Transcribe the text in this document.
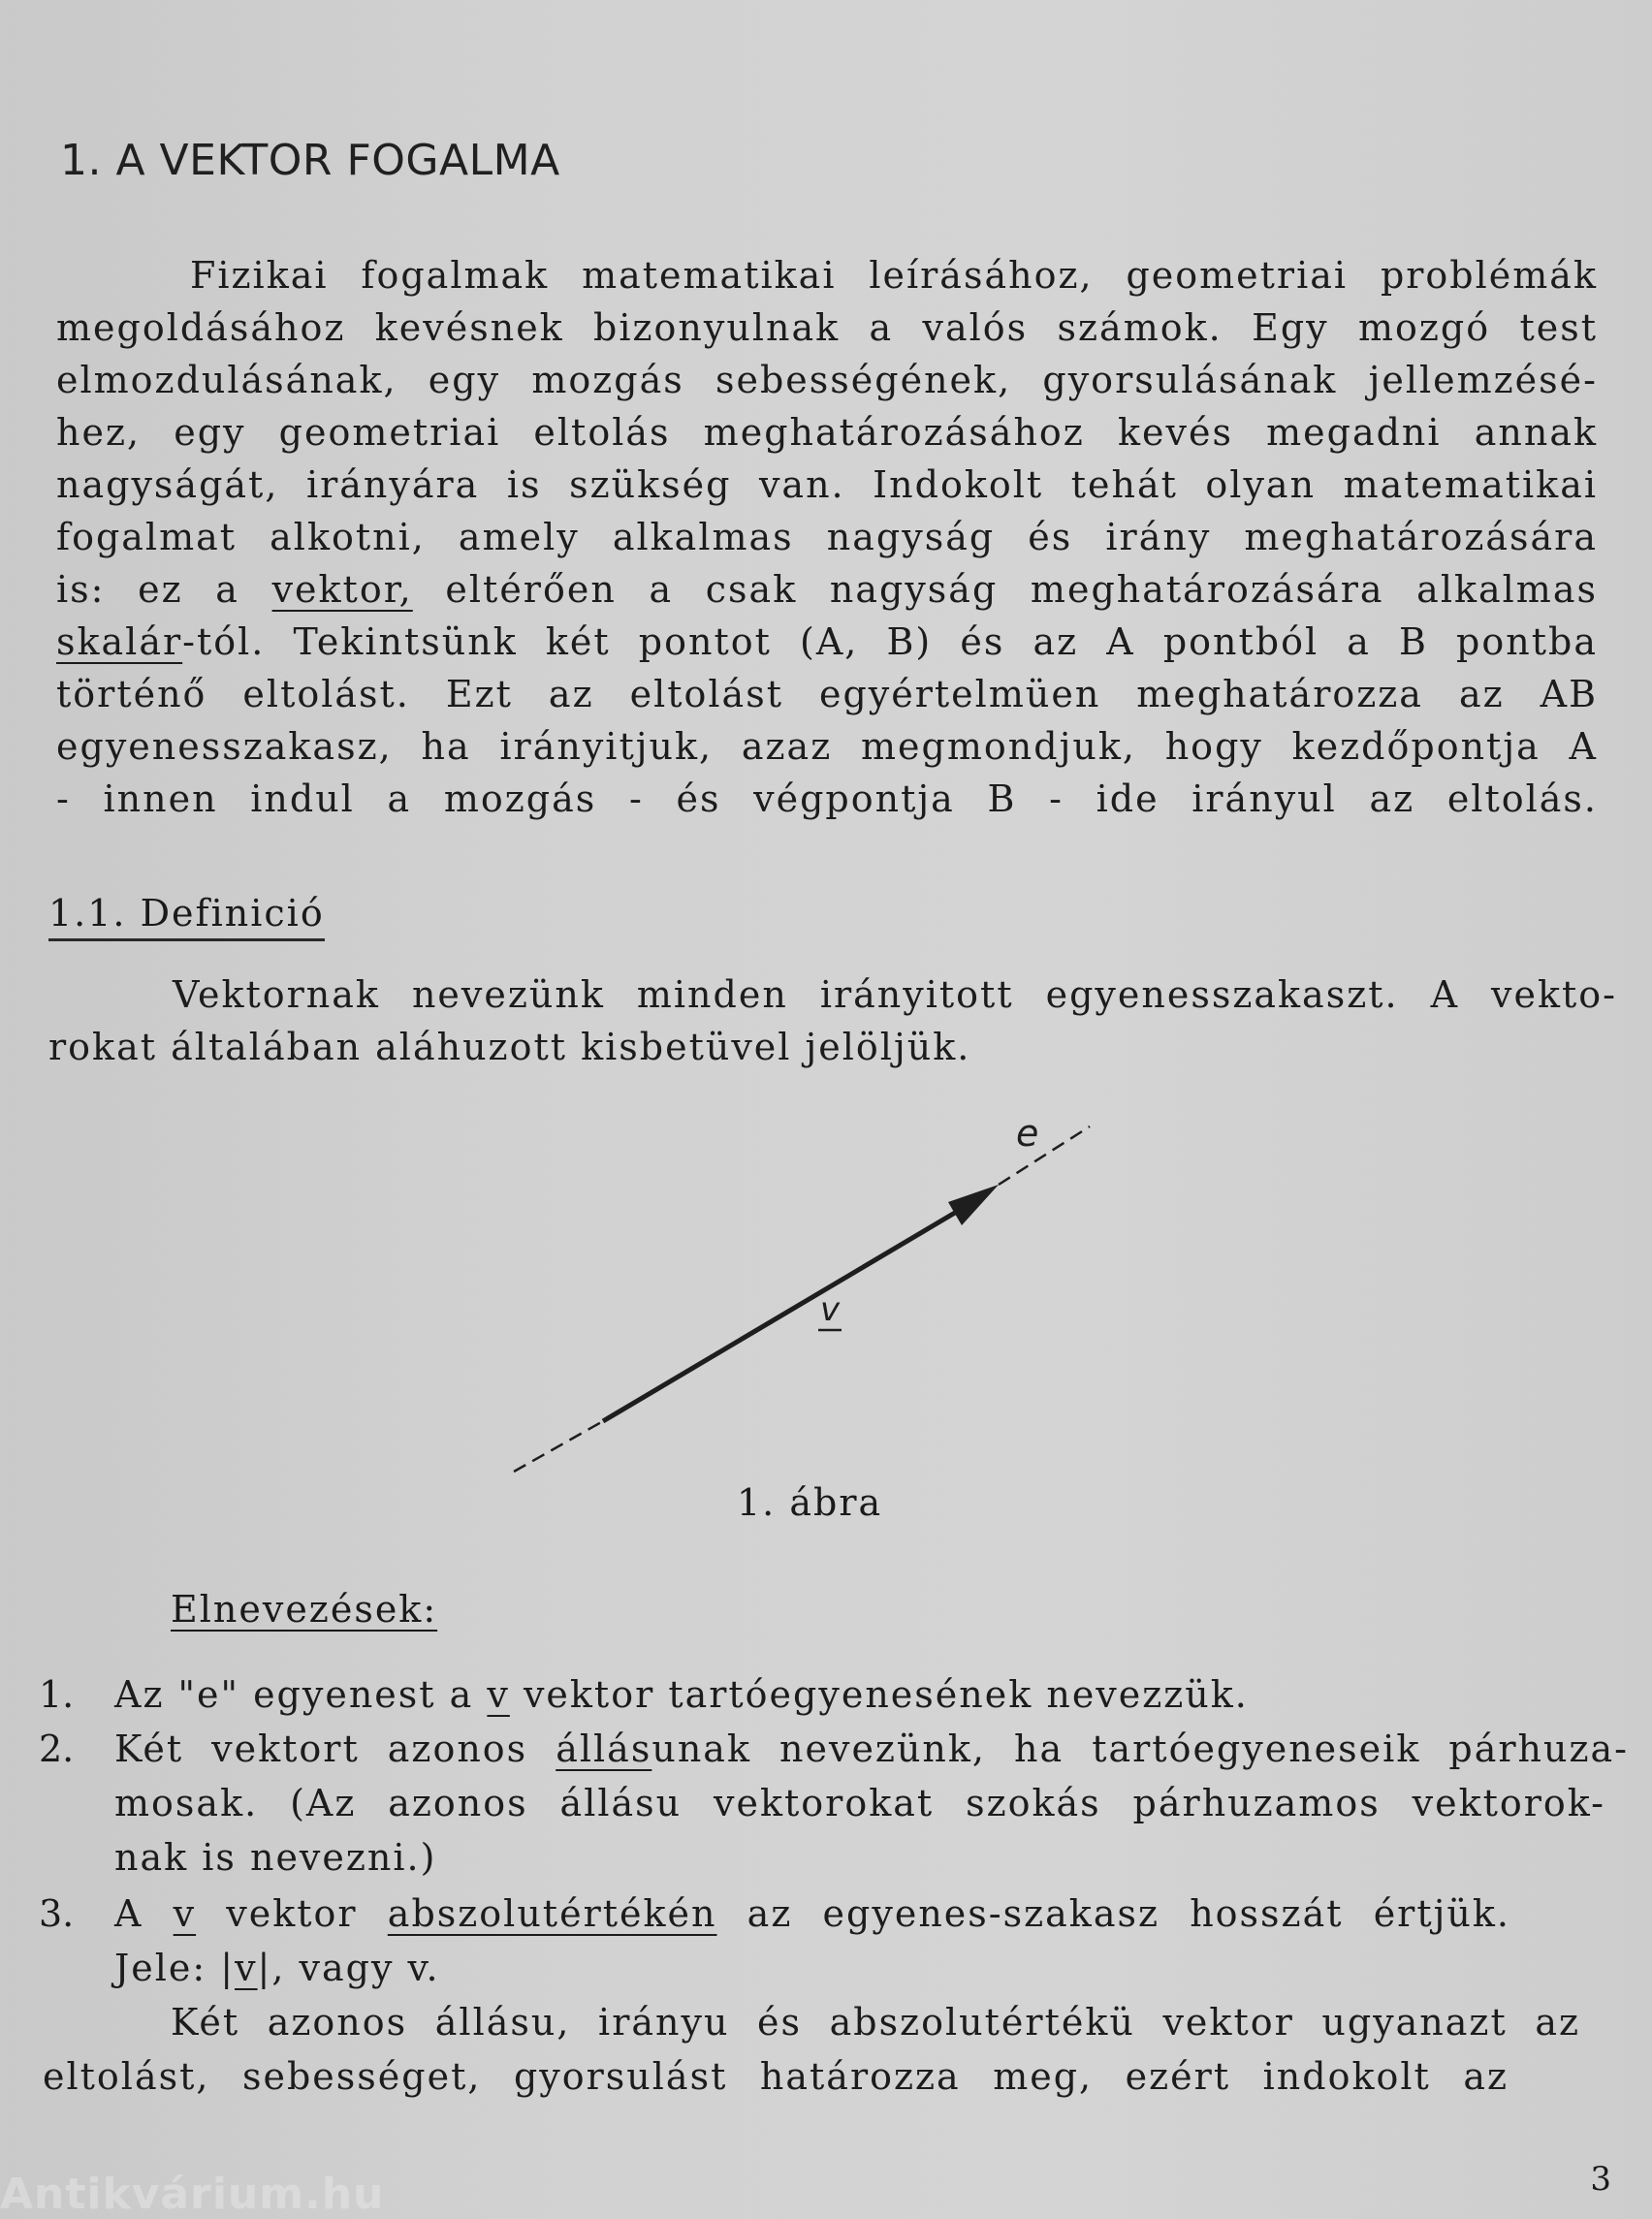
1. A VEKTOR FOGALMA
Fizikai fogalmak matematikai leírásához, geometriai problémák
megoldásához kevésnek bizonyulnak a valós számok. Egy mozgó test
elmozdulásának, egy mozgás sebességének, gyorsulásának jellemzésé-
hez, egy geometriai eltolás meghatározásához kevés megadni annak
nagyságát, irányára is szükség van. Indokolt tehát olyan matematikai
fogalmat alkotni, amely alkalmas nagyság és irány meghatározására
is: ez a vektor, eltérően a csak nagyság meghatározására alkalmas
skalár-tól. Tekintsünk két pontot (A, B) és az A pontból a B pontba
történő eltolást. Ezt az eltolást egyértelmüen meghatározza az AB
egyenesszakasz, ha irányitjuk, azaz megmondjuk, hogy kezdőpontja A
- innen indul a mozgás - és végpontja B - ide irányul az eltolás.
1.1. Definició
Vektornak nevezünk minden irányitott egyenesszakaszt. A vekto-
rokat általában aláhuzott kisbetüvel jelöljük.
e
v
1. ábra
Elnevezések:
1. Az "e" egyenest a v vektor tartóegyenesének nevezzük.
2. Két vektort azonos állásunak nevezünk, ha tartóegyeneseik párhuza-
mosak. (Az azonos állásu vektorokat szokás párhuzamos vektorok-
nak is nevezni.)
3. A v vektor abszolutértékén az egyenes-szakasz hosszát értjük.
Jele: |v|, vagy v.
Két azonos állásu, irányu és abszolutértékü vektor ugyanazt az
eltolást, sebességet, gyorsulást határozza meg, ezért indokolt az
3
Antikvárium.hu
